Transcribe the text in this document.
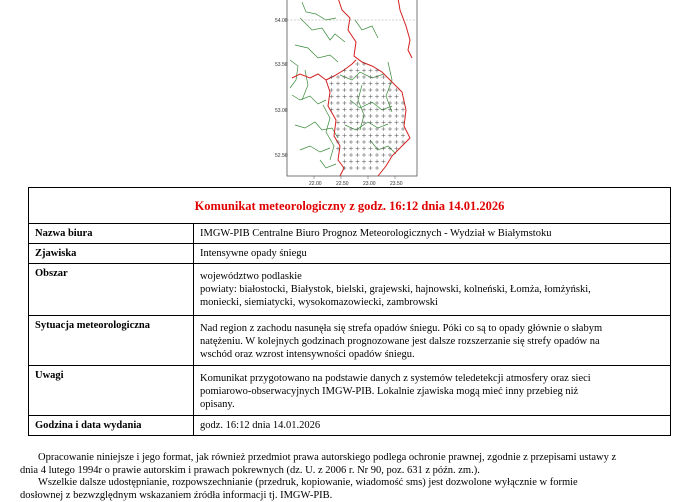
54.00
53.50
53.00
52.50
22.00	22.50	23.00	23.50
Komunikat meteorologiczny z godz. 16:12 dnia 14.01.2026	
Nazwa biura	IMGW-PIB Centralne Biuro Prognoz Meteorologicznych - Wydział w Białymstoku

Zjawiska	Intensywne opady śniegu

Obszar	województwo podlaskie
powiaty: białostocki, Białystok, bielski, grajewski, hajnowski, kolneński, Łomża, łomżyński,
moniecki, siemiatycki, wysokomazowiecki, zambrowski

Sytuacja meteorologiczna	Nad region z zachodu nasunęła się strefa opadów śniegu. Póki co są to opady głównie o słabym
natężeniu. W kolejnych godzinach prognozowane jest dalsze rozszerzanie się strefy opadów na
wschód oraz wzrost intensywności opadów śniegu.

Uwagi	Komunikat przygotowano na podstawie danych z systemów teledetekcji atmosfery oraz sieci
pomiarowo-obserwacyjnych IMGW-PIB. Lokalnie zjawiska mogą mieć inny przebieg niż
opisany.

Godzina i data wydania	godz. 16:12 dnia 14.01.2026

Opracowanie niniejsze i jego format, jak również przedmiot prawa autorskiego podlega ochronie prawnej, zgodnie z przepisami ustawy z
dnia 4 lutego 1994r o prawie autorskim i prawach pokrewnych (dz. U. z 2006 r. Nr 90, poz. 631 z późn. zm.).

Wszelkie dalsze udostępnianie, rozpowszechnianie (przedruk, kopiowanie, wiadomość sms) jest dozwolone wyłącznie w formie
dosłownej z bezwzględnym wskazaniem źródła informacji tj. IMGW-PIB.
